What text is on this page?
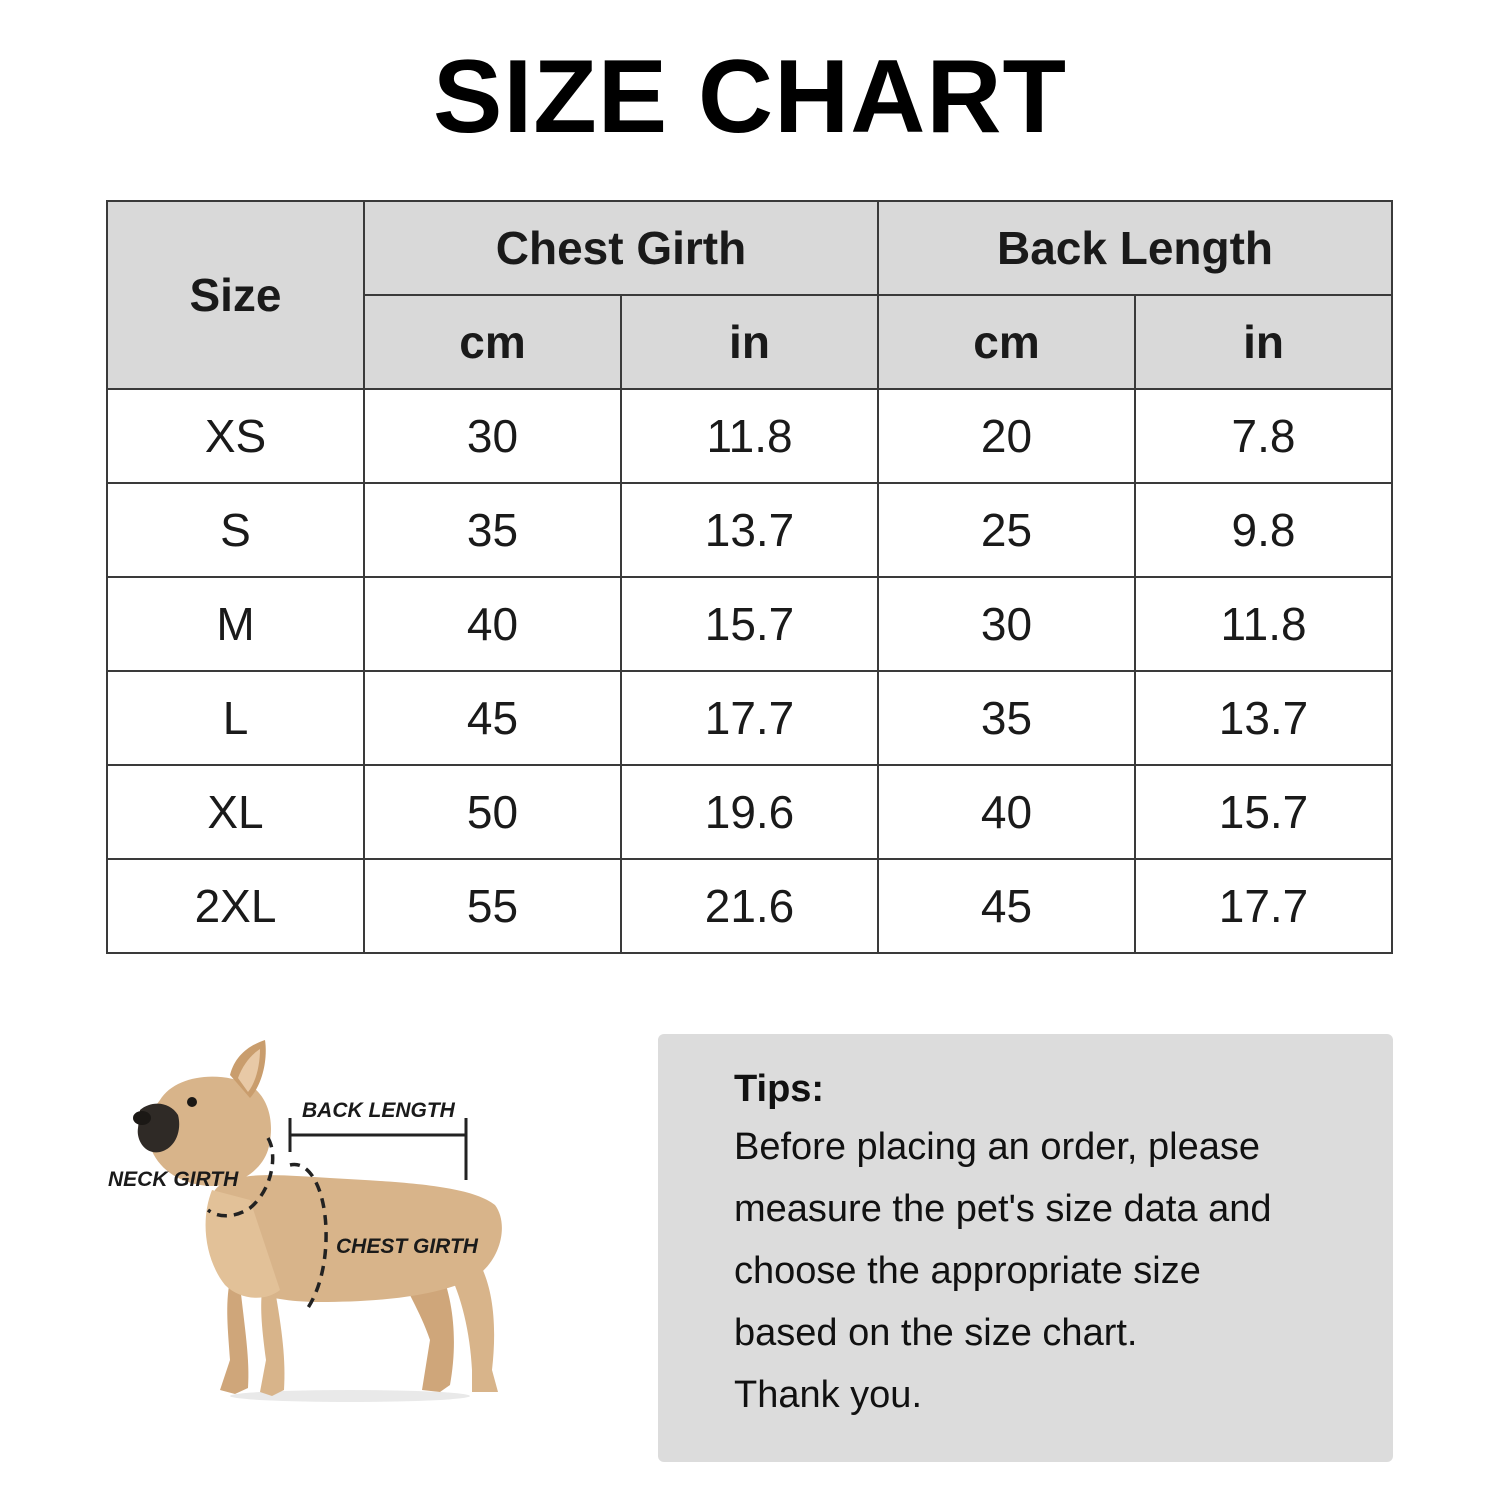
SIZE CHART
Size	Chest Girth		Back Length	
	cm	in	cm	in
XS	30	11.8	20	7.8
S	35	13.7	25	9.8
M	40	15.7	30	11.8
L	45	17.7	35	13.7
XL	50	19.6	40	15.7
2XL	55	21.6	45	17.7
BACK LENGTH
NECK GIRTH
CHEST GIRTH
Tips:
Before placing an order, please
measure the pet's size data and
choose the appropriate size
based on the size chart.
Thank you.
